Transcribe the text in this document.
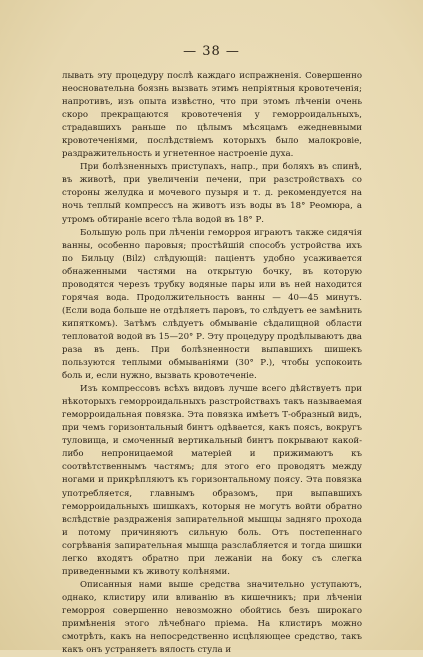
— 38 —

лывать эту процедуру послѣ каждаго испражненія. Совершенно неосновательна боязнь вызвать этимъ непріятныя кровотеченія; напротивъ, изъ опыта извѣстно, что при этомъ лѣченіи очень скоро прекращаются кровотеченія у геморроидальныхъ, страдавшихъ раньше по цѣлымъ мѣсяцамъ ежедневными кровотеченіями, послѣдствіемъ которыхъ было малокровіе, раздражительность и угнетенное настроеніе духа.

При болѣзненныхъ приступахъ, напр., при боляхъ въ спинѣ, въ животѣ, при увеличеніи печени, при разстройствахъ со стороны желудка и мочевого пузыря и т. д. рекомендуется на ночь теплый компрессъ на животъ изъ воды въ 18° Реомюра, а утромъ обтираніе всего тѣла водой въ 18° Р.

Большую роль при лѣченіи геморроя играютъ также сидячія ванны, особенно паровыя; простѣйшій способъ устройства ихъ по Бильцу (Bilz) слѣдующій: паціентъ удобно усаживается обнаженными частями на открытую бочку, въ которую проводятся черезъ трубку водяные пары или въ ней находится горячая вода. Продолжительность ванны — 40—45 минутъ. (Если вода больше не отдѣляетъ паровъ, то слѣдуетъ ее замѣнить кипяткомъ). Затѣмъ слѣдуетъ обмываніе сѣдалищной области тепловатой водой въ 15—20° Р. Эту процедуру продѣлываютъ два раза въ день. При болѣзненности выпавшихъ шишекъ пользуются теплыми обмываніями (30° Р.), чтобы успокоить боль и, если нужно, вызвать кровотеченіе.

Изъ компрессовъ всѣхъ видовъ лучше всего дѣйствуетъ при нѣкоторыхъ геморроидальныхъ разстройствахъ такъ называемая геморроидальная повязка. Эта повязка имѣетъ Т-образный видъ, при чемъ горизонтальный бинтъ одѣвается, какъ поясъ, вокругъ туловища, и смоченный вертикальный бинтъ покрывают какой-либо непроницаемой матеріей и прижимаютъ къ соотвѣтственнымъ частямъ; для этого его проводятъ между ногами и прикрѣпляютъ къ горизонтальному поясу. Эта повязка употребляется, главнымъ образомъ, при выпавшихъ геморроидальныхъ шишкахъ, которыя не могутъ войти обратно вслѣдствіе раздраженія запирательной мышцы задняго прохода и потому причиняютъ сильную боль. Отъ постепеннаго согрѣванія запирательная мышца разслабляется и тогда шишки легко входятъ обратно при лежаніи на боку съ слегка приведенными къ животу колѣнями.

Описанныя нами выше средства значительно уступаютъ, однако, клистиру или вливанію въ кишечникъ; при лѣченіи геморроя совершенно невозможно обойтись безъ широкаго примѣненія этого лѣчебнаго пріема. На клистиръ можно смотрѣть, какъ на непосредственно исцѣляющее средство, такъ какъ онъ устраняетъ вялость стула и
